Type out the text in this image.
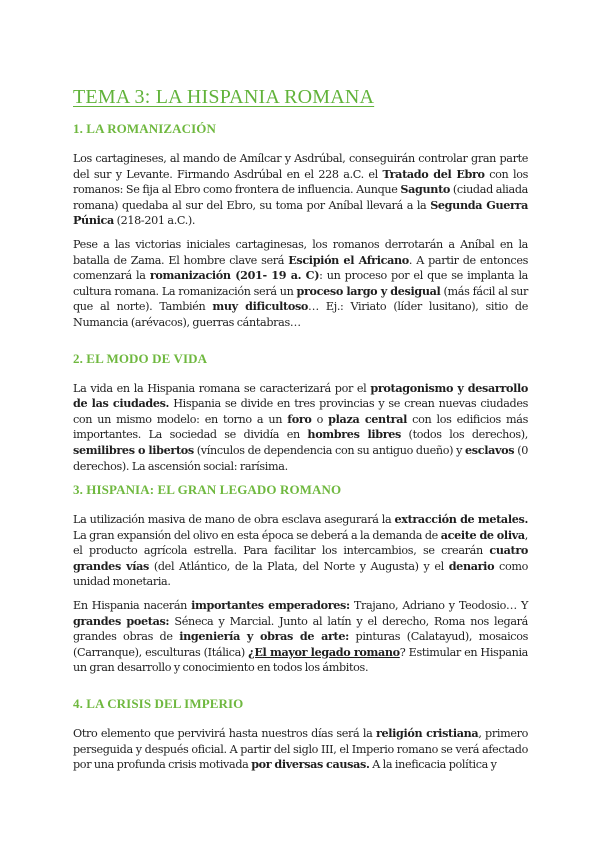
TEMA 3: LA HISPANIA ROMANA
1. LA ROMANIZACIÓN

Los cartagineses, al mando de Amílcar y Asdrúbal, conseguirán controlar gran parte del sur y Levante. Firmando Asdrúbal en el 228 a.C. el Tratado del Ebro con los romanos: Se fija al Ebro como frontera de influencia. Aunque Sagunto (ciudad aliada romana) quedaba al sur del Ebro, su toma por Aníbal llevará a la Segunda Guerra Púnica (218-201 a.C.).

Pese a las victorias iniciales cartaginesas, los romanos derrotarán a Aníbal en la batalla de Zama. El hombre clave será Escipión el Africano. A partir de entonces comenzará la romanización (201- 19 a. C): un proceso por el que se implanta la cultura romana. La romanización será un proceso largo y desigual (más fácil al sur que al norte). También muy dificultoso… Ej.: Viriato (líder lusitano), sitio de Numancia (arévacos), guerras cántabras…

2. EL MODO DE VIDA

La vida en la Hispania romana se caracterizará por el protagonismo y desarrollo de las ciudades. Hispania se divide en tres provincias y se crean nuevas ciudades con un mismo modelo: en torno a un foro o plaza central con los edificios más importantes. La sociedad se dividía en hombres libres (todos los derechos), semilibres o libertos (vínculos de dependencia con su antiguo dueño) y esclavos (0 derechos). La ascensión social: rarísima.

3. HISPANIA: EL GRAN LEGADO ROMANO

La utilización masiva de mano de obra esclava asegurará la extracción de metales. La gran expansión del olivo en esta época se deberá a la demanda de aceite de oliva, el producto agrícola estrella. Para facilitar los intercambios, se crearán cuatro grandes vías (del Atlántico, de la Plata, del Norte y Augusta) y el denario como unidad monetaria.

En Hispania nacerán importantes emperadores: Trajano, Adriano y Teodosio… Y grandes poetas: Séneca y Marcial. Junto al latín y el derecho, Roma nos legará grandes obras de ingeniería y obras de arte: pinturas (Calatayud), mosaicos (Carranque), esculturas (Itálica) ¿El mayor legado romano? Estimular en Hispania un gran desarrollo y conocimiento en todos los ámbitos.

4. LA CRISIS DEL IMPERIO

Otro elemento que pervivirá hasta nuestros días será la religión cristiana, primero perseguida y después oficial. A partir del siglo III, el Imperio romano se verá afectado por una profunda crisis motivada por diversas causas. A la ineficacia política y
